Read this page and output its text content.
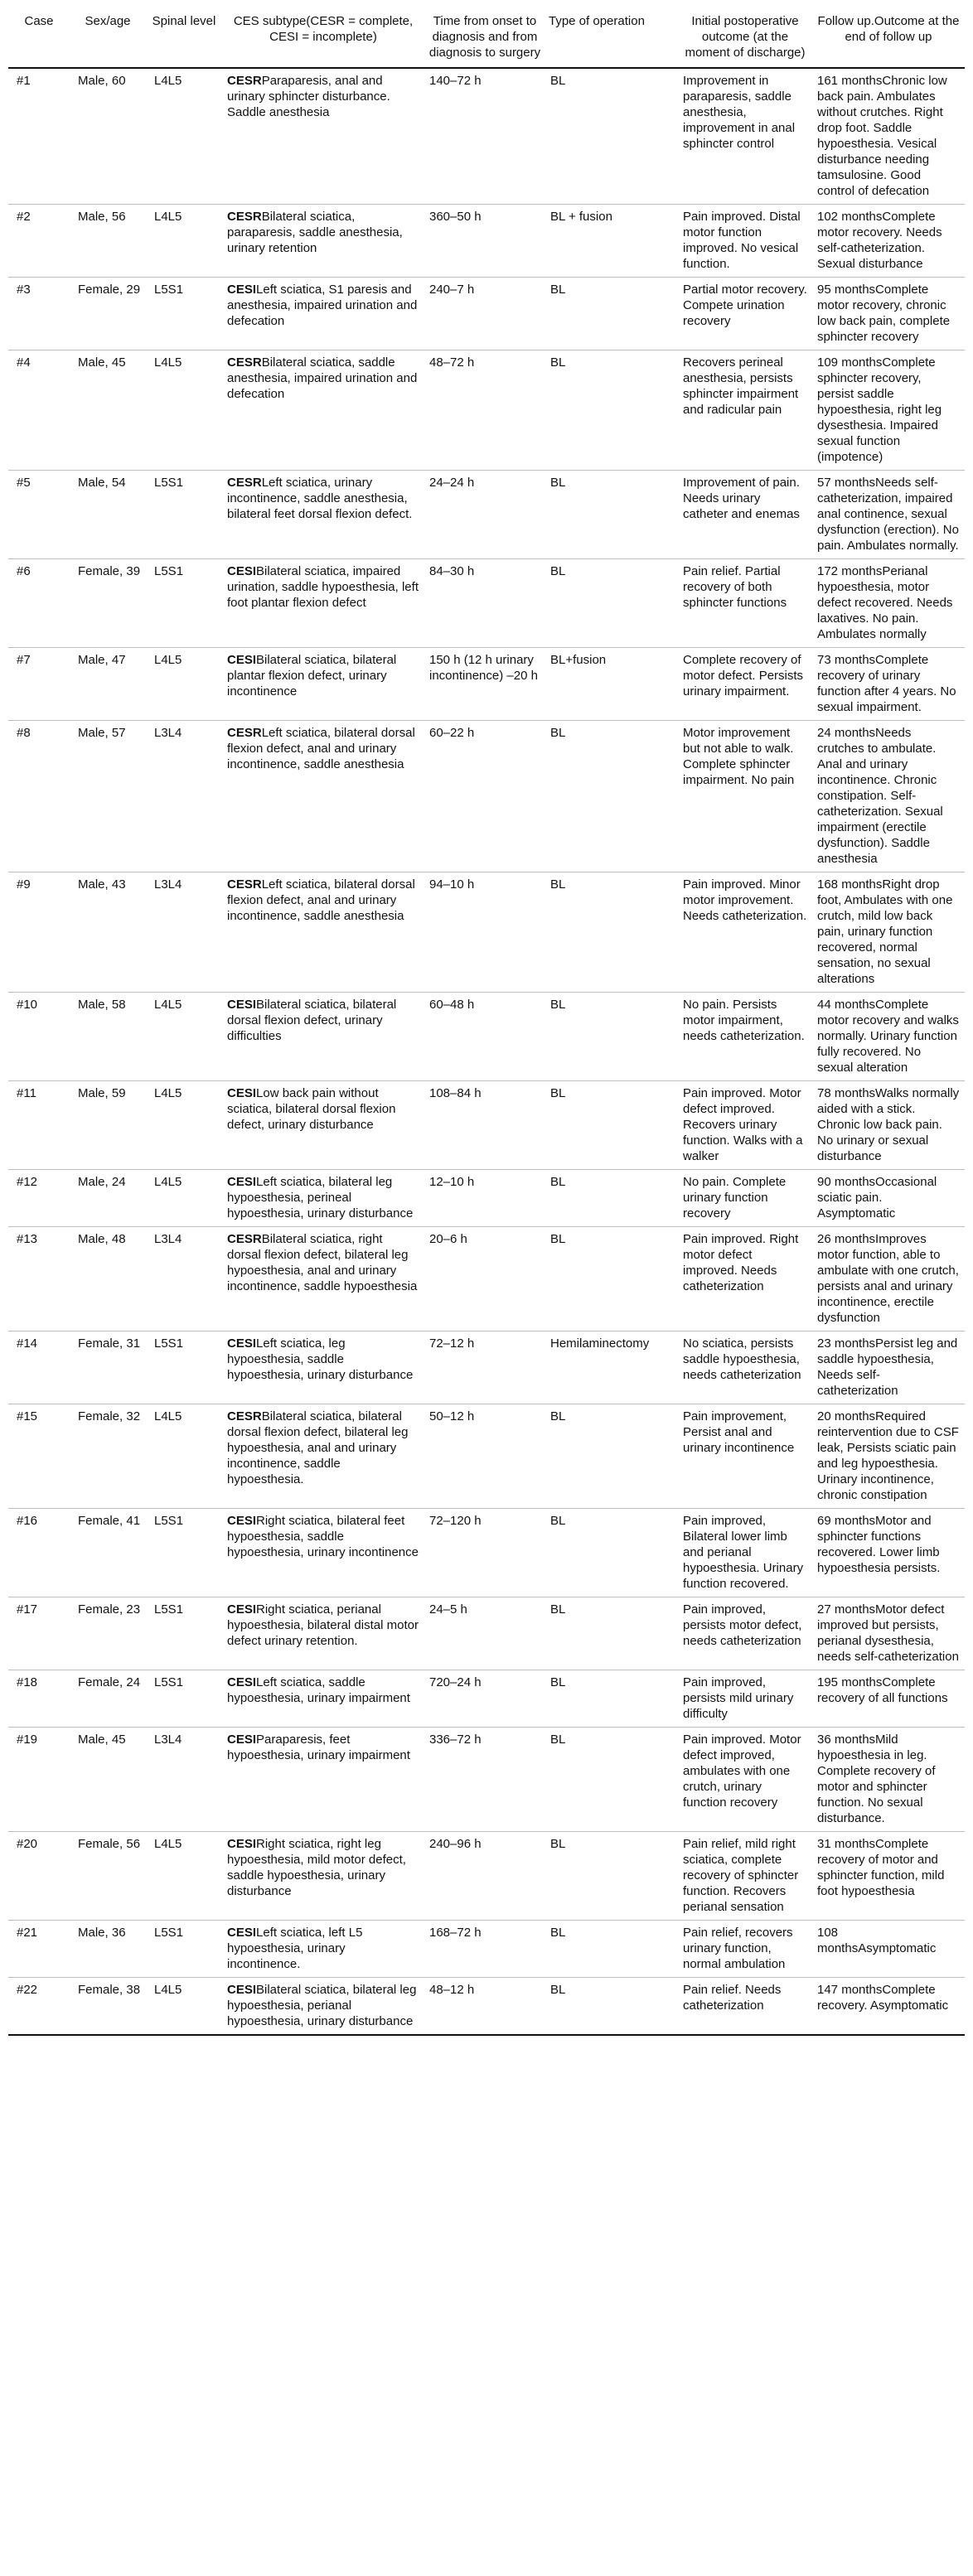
Case	Sex/age	Spinal level	CES subtype(CESR = complete, CESI = incomplete)	Time from onset to diagnosis and from diagnosis to surgery	Type of operation	Initial postoperative outcome (at the moment of discharge)	Follow up.Outcome at the end of follow up
#1	Male, 60	L4L5	CESRParaparesis, anal and urinary sphincter disturbance. Saddle anesthesia	140–72 h	BL	Improvement in paraparesis, saddle anesthesia, improvement in anal sphincter control	161 monthsChronic low back pain. Ambulates without crutches. Right drop foot. Saddle hypoesthesia. Vesical disturbance needing tamsulosine. Good control of defecation
#2	Male, 56	L4L5	CESRBilateral sciatica, paraparesis, saddle anesthesia, urinary retention	360–50 h	BL + fusion	Pain improved. Distal motor function improved. No vesical function.	102 monthsComplete motor recovery. Needs self-catheterization. Sexual disturbance
#3	Female, 29	L5S1	CESILeft sciatica, S1 paresis and anesthesia, impaired urination and defecation	240–7 h	BL	Partial motor recovery. Compete urination recovery	95 monthsComplete motor recovery, chronic low back pain, complete sphincter recovery
#4	Male, 45	L4L5	CESRBilateral sciatica, saddle anesthesia, impaired urination and defecation	48–72 h	BL	Recovers perineal anesthesia, persists sphincter impairment and radicular pain	109 monthsComplete sphincter recovery, persist saddle hypoesthesia, right leg dysesthesia. Impaired sexual function (impotence)
#5	Male, 54	L5S1	CESRLeft sciatica, urinary incontinence, saddle anesthesia, bilateral feet dorsal flexion defect.	24–24 h	BL	Improvement of pain. Needs urinary catheter and enemas	57 monthsNeeds self-catheterization, impaired anal continence, sexual dysfunction (erection). No pain. Ambulates normally.
#6	Female, 39	L5S1	CESIBilateral sciatica, impaired urination, saddle hypoesthesia, left foot plantar flexion defect	84–30 h	BL	Pain relief. Partial recovery of both sphincter functions	172 monthsPerianal hypoesthesia, motor defect recovered. Needs laxatives. No pain. Ambulates normally
#7	Male, 47	L4L5	CESIBilateral sciatica, bilateral plantar flexion defect, urinary incontinence	150 h (12 h urinary incontinence) –20 h	BL+fusion	Complete recovery of motor defect. Persists urinary impairment.	73 monthsComplete recovery of urinary function after 4 years. No sexual impairment.
#8	Male, 57	L3L4	CESRLeft sciatica, bilateral dorsal flexion defect, anal and urinary incontinence, saddle anesthesia	60–22 h	BL	Motor improvement but not able to walk. Complete sphincter impairment. No pain	24 monthsNeeds crutches to ambulate. Anal and urinary incontinence. Chronic constipation. Self-catheterization. Sexual impairment (erectile dysfunction). Saddle anesthesia
#9	Male, 43	L3L4	CESRLeft sciatica, bilateral dorsal flexion defect, anal and urinary incontinence, saddle anesthesia	94–10 h	BL	Pain improved. Minor motor improvement. Needs catheterization.	168 monthsRight drop foot, Ambulates with one crutch, mild low back pain, urinary function recovered, normal sensation, no sexual alterations
#10	Male, 58	L4L5	CESIBilateral sciatica, bilateral dorsal flexion defect, urinary difficulties	60–48 h	BL	No pain. Persists motor impairment, needs catheterization.	44 monthsComplete motor recovery and walks normally. Urinary function fully recovered. No sexual alteration
#11	Male, 59	L4L5	CESILow back pain without sciatica, bilateral dorsal flexion defect, urinary disturbance	108–84 h	BL	Pain improved. Motor defect improved. Recovers urinary function. Walks with a walker	78 monthsWalks normally aided with a stick. Chronic low back pain. No urinary or sexual disturbance
#12	Male, 24	L4L5	CESILeft sciatica, bilateral leg hypoesthesia, perineal hypoesthesia, urinary disturbance	12–10 h	BL	No pain. Complete urinary function recovery	90 monthsOccasional sciatic pain. Asymptomatic
#13	Male, 48	L3L4	CESRBilateral sciatica, right dorsal flexion defect, bilateral leg hypoesthesia, anal and urinary incontinence, saddle hypoesthesia	20–6 h	BL	Pain improved. Right motor defect improved. Needs catheterization	26 monthsImproves motor function, able to ambulate with one crutch, persists anal and urinary incontinence, erectile dysfunction
#14	Female, 31	L5S1	CESILeft sciatica, leg hypoesthesia, saddle hypoesthesia, urinary disturbance	72–12 h	Hemilaminectomy	No sciatica, persists saddle hypoesthesia, needs catheterization	23 monthsPersist leg and saddle hypoesthesia, Needs self-catheterization
#15	Female, 32	L4L5	CESRBilateral sciatica, bilateral dorsal flexion defect, bilateral leg hypoesthesia, anal and urinary incontinence, saddle hypoesthesia.	50–12 h	BL	Pain improvement, Persist anal and urinary incontinence	20 monthsRequired reintervention due to CSF leak, Persists sciatic pain and leg hypoesthesia. Urinary incontinence, chronic constipation
#16	Female, 41	L5S1	CESIRight sciatica, bilateral feet hypoesthesia, saddle hypoesthesia, urinary incontinence	72–120 h	BL	Pain improved, Bilateral lower limb and perianal hypoesthesia. Urinary function recovered.	69 monthsMotor and sphincter functions recovered. Lower limb hypoesthesia persists.
#17	Female, 23	L5S1	CESIRight sciatica, perianal hypoesthesia, bilateral distal motor defect urinary retention.	24–5 h	BL	Pain improved, persists motor defect, needs catheterization	27 monthsMotor defect improved but persists, perianal dysesthesia, needs self-catheterization
#18	Female, 24	L5S1	CESILeft sciatica, saddle hypoesthesia, urinary impairment	720–24 h	BL	Pain improved, persists mild urinary difficulty	195 monthsComplete recovery of all functions
#19	Male, 45	L3L4	CESIParaparesis, feet hypoesthesia, urinary impairment	336–72 h	BL	Pain improved. Motor defect improved, ambulates with one crutch, urinary function recovery	36 monthsMild hypoesthesia in leg. Complete recovery of motor and sphincter function. No sexual disturbance.
#20	Female, 56	L4L5	CESIRight sciatica, right leg hypoesthesia, mild motor defect, saddle hypoesthesia, urinary disturbance	240–96 h	BL	Pain relief, mild right sciatica, complete recovery of sphincter function. Recovers perianal sensation	31 monthsComplete recovery of motor and sphincter function, mild foot hypoesthesia
#21	Male, 36	L5S1	CESILeft sciatica, left L5 hypoesthesia, urinary incontinence.	168–72 h	BL	Pain relief, recovers urinary function, normal ambulation	108 monthsAsymptomatic
#22	Female, 38	L4L5	CESIBilateral sciatica, bilateral leg hypoesthesia, perianal hypoesthesia, urinary disturbance	48–12 h	BL	Pain relief. Needs catheterization	147 monthsComplete recovery. Asymptomatic
